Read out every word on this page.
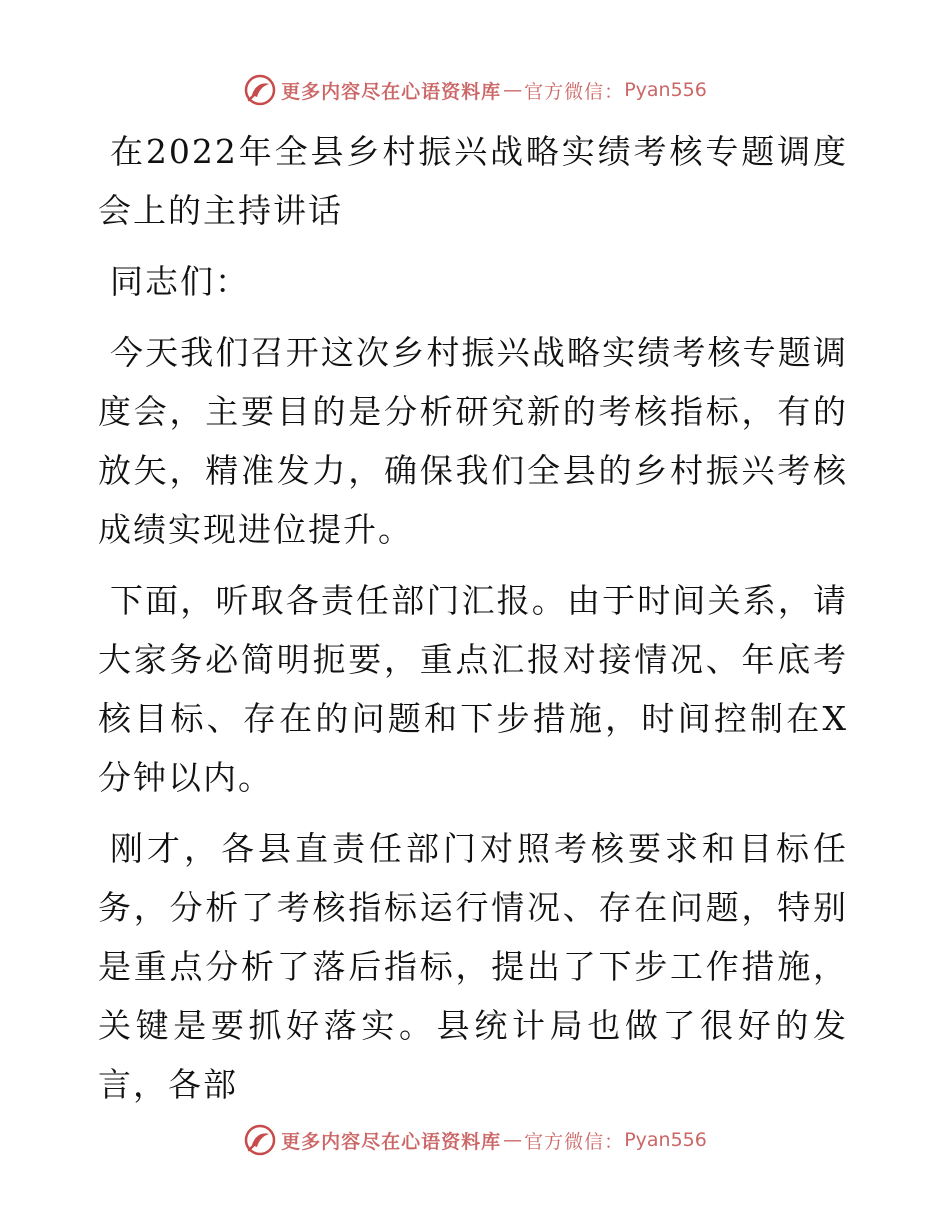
更多内容尽在心语资料库 — 官方微信： Pyan556

在2022年全县乡村振兴战略实绩考核专题调度会上的主持讲话

同志们：

今天我们召开这次乡村振兴战略实绩考核专题调度会，主要目的是分析研究新的考核指标，有的放矢，精准发力，确保我们全县的乡村振兴考核成绩实现进位提升。

下面，听取各责任部门汇报。由于时间关系，请大家务必简明扼要，重点汇报对接情况、年底考核目标、存在的问题和下步措施，时间控制在X分钟以内。

刚才，各县直责任部门对照考核要求和目标任务，分析了考核指标运行情况、存在问题，特别是重点分析了落后指标，提出了下步工作措施，关键是要抓好落实。县统计局也做了很好的发言，各部

更多内容尽在心语资料库 — 官方微信： Pyan556
